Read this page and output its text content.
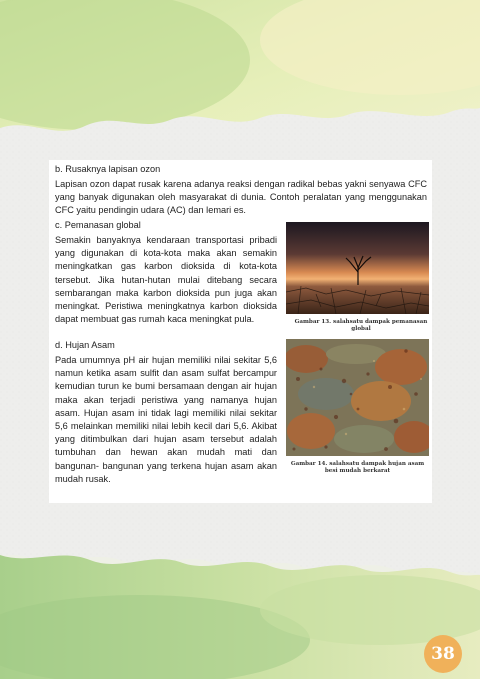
b. Rusaknya lapisan ozon

Lapisan ozon dapat rusak karena adanya reaksi dengan radikal bebas yakni senyawa CFC yang banyak digunakan oleh masyarakat di dunia. Contoh peralatan yang menggunakan CFC yaitu pendingin udara (AC) dan lemari es.

c. Pemanasan global

Semakin banyaknya kendaraan transportasi pribadi yang digunakan di kota-kota maka akan semakin meningkatkan gas karbon dioksida di kota-kota tersebut. Jika hutan-hutan mulai ditebang secara sembarangan maka karbon dioksida pun juga akan meningkat. Peristiwa meningkatnya karbon dioksida dapat membuat gas rumah kaca meningkat pula.	Gambar 13. salahsatu dampak pemanasan global
d. Hujan Asam

Pada umumnya pH air hujan memiliki nilai sekitar 5,6 namun ketika asam sulfit dan asam sulfat bercampur kemudian turun ke bumi bersamaan dengan air hujan maka akan terjadi peristiwa yang namanya hujan asam. Hujan asam ini tidak lagi memiliki nilai sekitar 5,6 melainkan memiliki nilai lebih kecil dari 5,6. Akibat yang ditimbulkan dari hujan asam tersebut adalah tumbuhan dan hewan akan mudah mati dan bangunan- bangunan yang terkena hujan asam akan mudah rusak.

Gambar 14. salahsatu dampak hujan asam besi mudah berkarat
38
